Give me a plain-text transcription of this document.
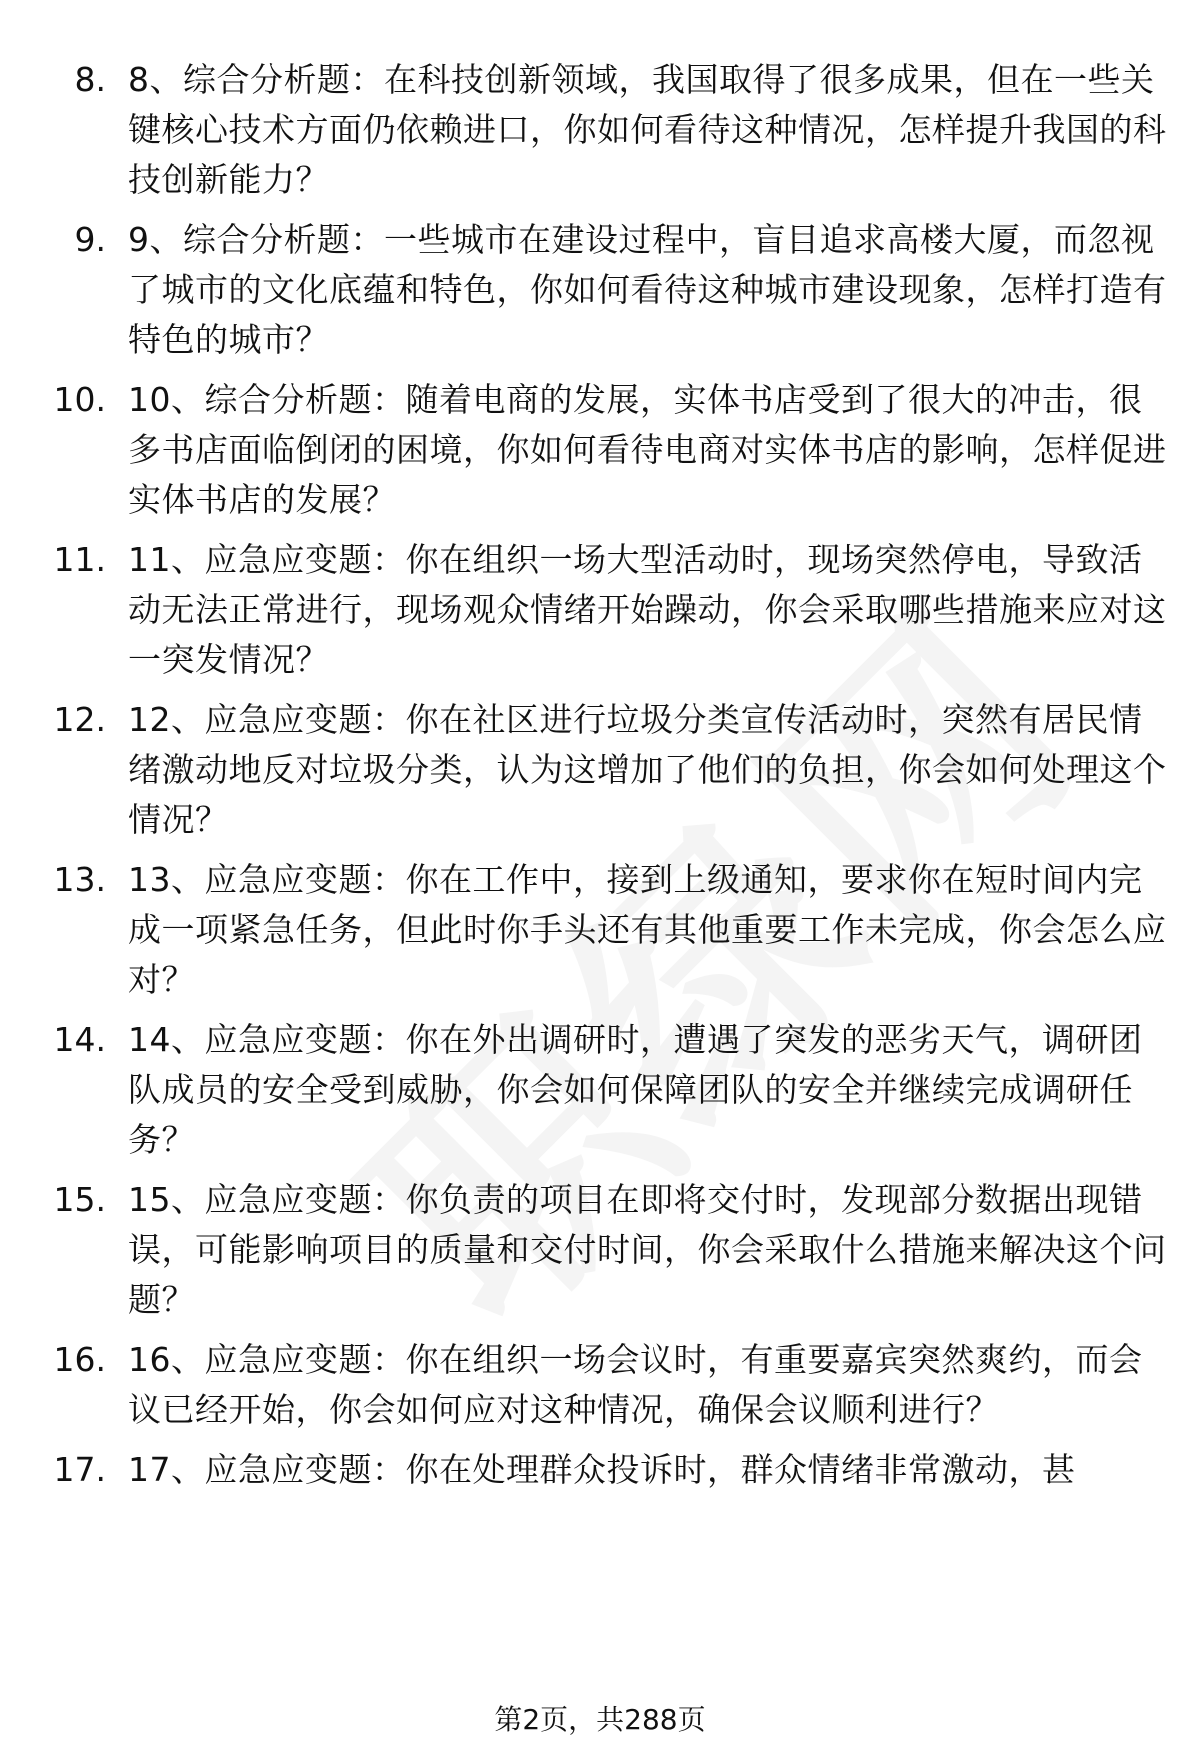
8. 8、综合分析题：在科技创新领域，我国取得了很多成果，但在一些关键核心技术方面仍依赖进口，你如何看待这种情况，怎样提升我国的科技创新能力？
9. 9、综合分析题：一些城市在建设过程中，盲目追求高楼大厦，而忽视了城市的文化底蕴和特色，你如何看待这种城市建设现象，怎样打造有特色的城市？
10. 10、综合分析题：随着电商的发展，实体书店受到了很大的冲击，很多书店面临倒闭的困境，你如何看待电商对实体书店的影响，怎样促进实体书店的发展？
11. 11、应急应变题：你在组织一场大型活动时，现场突然停电，导致活动无法正常进行，现场观众情绪开始躁动，你会采取哪些措施来应对这一突发情况？
12. 12、应急应变题：你在社区进行垃圾分类宣传活动时，突然有居民情绪激动地反对垃圾分类，认为这增加了他们的负担，你会如何处理这个情况？
13. 13、应急应变题：你在工作中，接到上级通知，要求你在短时间内完成一项紧急任务，但此时你手头还有其他重要工作未完成，你会怎么应对？
14. 14、应急应变题：你在外出调研时，遭遇了突发的恶劣天气，调研团队成员的安全受到威胁，你会如何保障团队的安全并继续完成调研任务？
15. 15、应急应变题：你负责的项目在即将交付时，发现部分数据出现错误，可能影响项目的质量和交付时间，你会采取什么措施来解决这个问题？
16. 16、应急应变题：你在组织一场会议时，有重要嘉宾突然爽约，而会议已经开始，你会如何应对这种情况，确保会议顺利进行？
17. 17、应急应变题：你在处理群众投诉时，群众情绪非常激动，甚
第2页，共288页
